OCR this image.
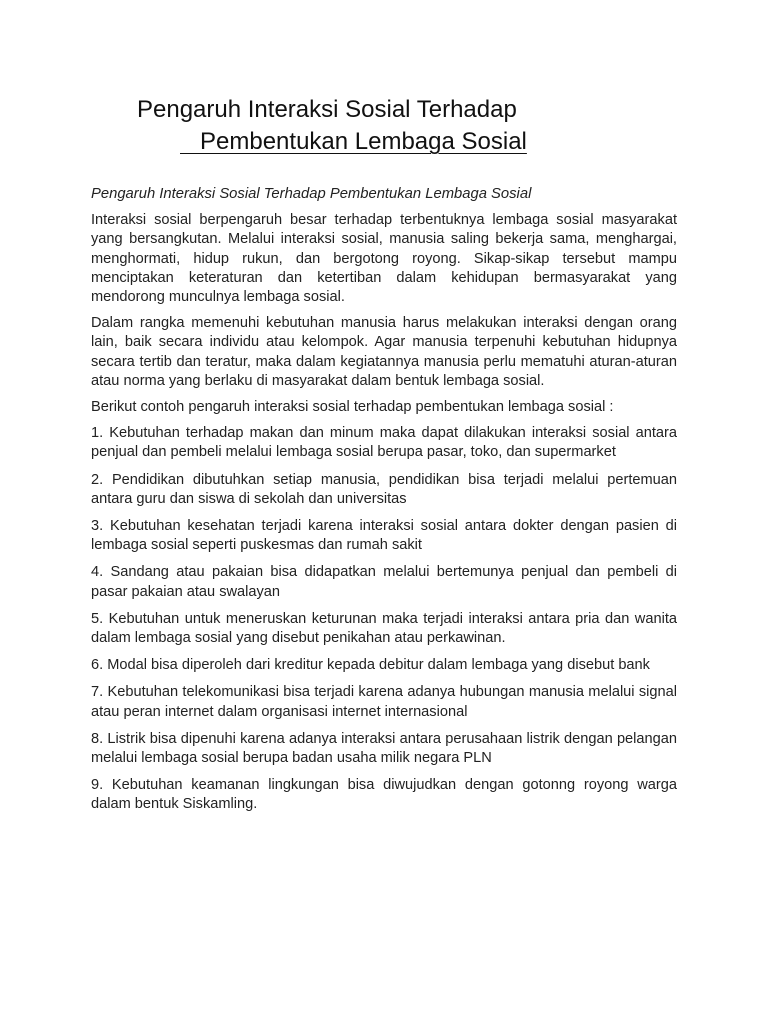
Pengaruh Interaksi Sosial Terhadap
Pembentukan Lembaga Sosial

Pengaruh Interaksi Sosial Terhadap Pembentukan Lembaga Sosial

Interaksi sosial berpengaruh besar terhadap terbentuknya lembaga sosial masyarakat yang bersangkutan. Melalui interaksi sosial, manusia saling bekerja sama, menghargai, menghormati, hidup rukun, dan bergotong royong. Sikap-sikap tersebut mampu menciptakan keteraturan dan ketertiban dalam kehidupan bermasyarakat yang mendorong munculnya lembaga sosial.

Dalam rangka memenuhi kebutuhan manusia harus melakukan interaksi dengan orang lain, baik secara individu atau kelompok. Agar manusia terpenuhi kebutuhan hidupnya secara tertib dan teratur, maka dalam kegiatannya manusia perlu mematuhi aturan-aturan atau norma yang berlaku di masyarakat dalam bentuk lembaga sosial.

Berikut contoh pengaruh interaksi sosial terhadap pembentukan lembaga sosial :

1. Kebutuhan terhadap makan dan minum maka dapat dilakukan interaksi sosial antara penjual dan pembeli melalui lembaga sosial berupa pasar, toko, dan supermarket
2. Pendidikan dibutuhkan setiap manusia, pendidikan bisa terjadi melalui pertemuan antara guru dan siswa di sekolah dan universitas
3. Kebutuhan kesehatan terjadi karena interaksi sosial antara dokter dengan pasien di lembaga sosial seperti puskesmas dan rumah sakit
4. Sandang atau pakaian bisa didapatkan melalui bertemunya penjual dan pembeli di pasar pakaian atau swalayan
5. Kebutuhan untuk meneruskan keturunan maka terjadi interaksi antara pria dan wanita dalam lembaga sosial yang disebut penikahan atau perkawinan.
6. Modal bisa diperoleh dari kreditur kepada debitur dalam lembaga yang disebut bank
7. Kebutuhan telekomunikasi bisa terjadi karena adanya hubungan manusia melalui signal atau peran internet dalam organisasi internet internasional
8. Listrik bisa dipenuhi karena adanya interaksi antara perusahaan listrik dengan pelangan melalui lembaga sosial berupa badan usaha milik negara PLN
9. Kebutuhan keamanan lingkungan bisa diwujudkan dengan gotonng royong warga dalam bentuk Siskamling.
